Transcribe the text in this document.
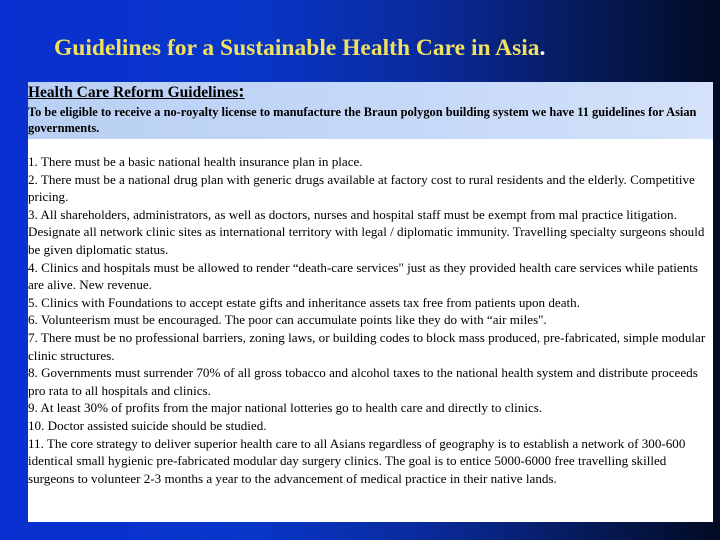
Guidelines for a Sustainable Health Care in Asia.
Health Care Reform Guidelines:

To be eligible to receive a no-royalty license to manufacture the Braun polygon building system we have 11 guidelines for Asian governments.

1. There must be a basic national health insurance plan in place.
2. There must be a national drug plan with generic drugs available at factory cost to rural residents and the elderly. Competitive pricing.
3. All shareholders, administrators, as well as doctors, nurses and hospital staff must be exempt from mal practice litigation. Designate all network clinic sites as international territory with legal / diplomatic immunity. Travelling specialty surgeons should be given diplomatic status.
4. Clinics and hospitals must be allowed to render “death-care services" just as they provided health care services while patients are alive. New revenue.
5. Clinics with Foundations to accept estate gifts and inheritance assets tax free from patients upon death.
6. Volunteerism must be encouraged. The poor can accumulate points like they do with “air miles".
7. There must be no professional barriers, zoning laws, or building codes to block mass produced, pre-fabricated, simple modular clinic structures.
8. Governments must surrender 70% of all gross tobacco and alcohol taxes to the national health system and distribute proceeds pro rata to all hospitals and clinics.
9. At least 30% of profits from the major national lotteries go to health care and directly to clinics.
10. Doctor assisted suicide should be studied.
11. The core strategy to deliver superior health care to all Asians regardless of geography is to establish a network of 300-600 identical small hygienic pre-fabricated modular day surgery clinics. The goal is to entice 5000-6000 free travelling skilled surgeons to volunteer 2-3 months a year to the advancement of medical practice in their native lands.
